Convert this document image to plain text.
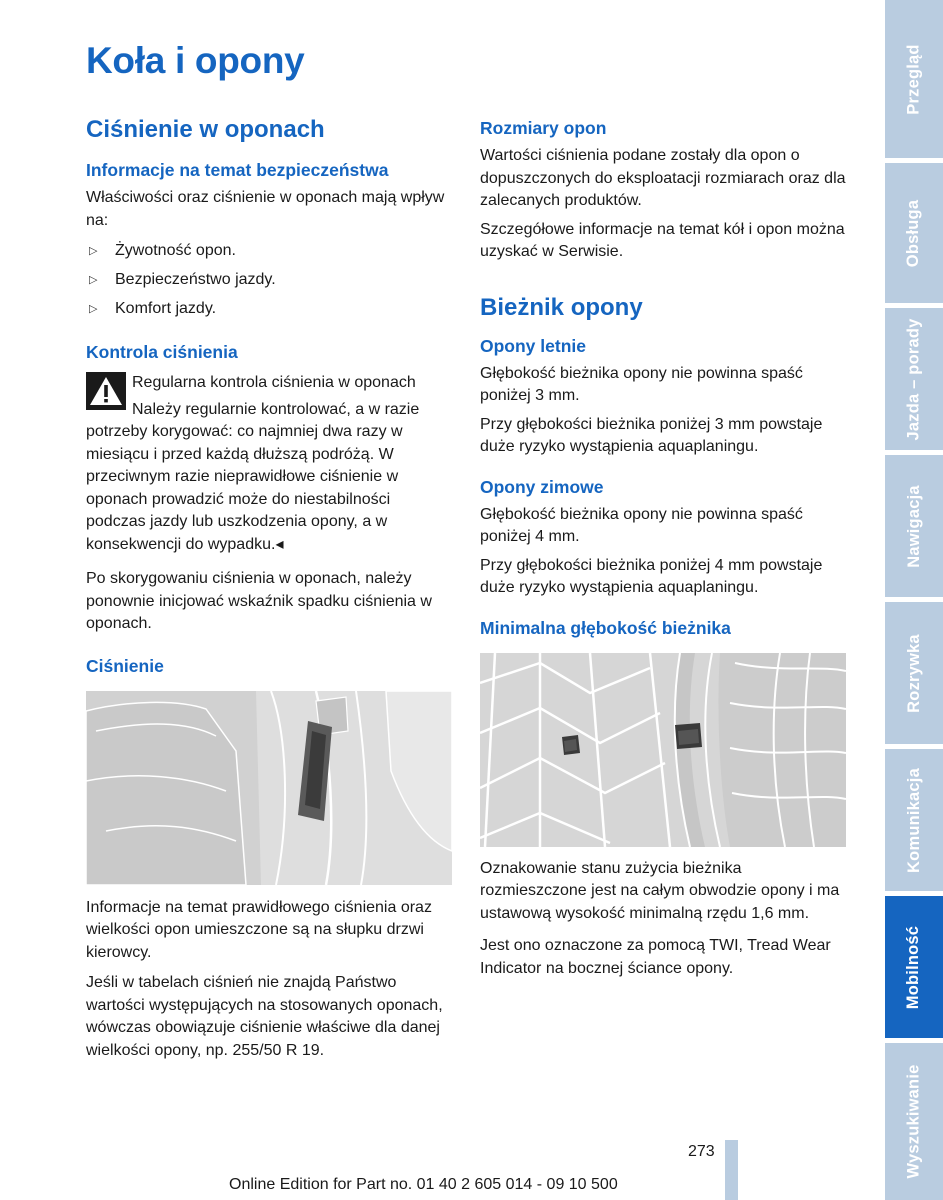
Koła i opony
Ciśnienie w oponach
Informacje na temat bezpieczeństwa

Właściwości oraz ciśnienie w oponach mają wpływ na:

▷ Żywotność opon.
▷ Bezpieczeństwo jazdy.
▷ Komfort jazdy.
Kontrola ciśnienia

Regularna kontrola ciśnienia w oponach

Należy regularnie kontrolować, a w razie potrzeby korygować: co najmniej dwa razy w miesiącu i przed każdą dłuższą podróżą. W przeciwnym razie nieprawidłowe ciśnienie w oponach prowadzić może do niestabilności podczas jazdy lub uszkodzenia opony, a w konsekwencji do wypadku.◂

Po skorygowaniu ciśnienia w oponach, należy ponownie inicjować wskaźnik spadku ciśnienia w oponach.

Ciśnienie

Informacje na temat prawidłowego ciśnienia oraz wielkości opon umieszczone są na słupku drzwi kierowcy.

Jeśli w tabelach ciśnień nie znajdą Państwo wartości występujących na stosowanych oponach, wówczas obowiązuje ciśnienie właściwe dla danej wielkości opony, np. 255/50 R 19.

Rozmiary opon

Wartości ciśnienia podane zostały dla opon o dopuszczonych do eksploatacji rozmiarach oraz dla zalecanych produktów.

Szczegółowe informacje na temat kół i opon można uzyskać w Serwisie.

Bieżnik opony
Opony letnie

Głębokość bieżnika opony nie powinna spaść poniżej 3 mm.

Przy głębokości bieżnika poniżej 3 mm powstaje duże ryzyko wystąpienia aquaplaningu.

Opony zimowe

Głębokość bieżnika opony nie powinna spaść poniżej 4 mm.

Przy głębokości bieżnika poniżej 4 mm powstaje duże ryzyko wystąpienia aquaplaningu.

Minimalna głębokość bieżnika

Oznakowanie stanu zużycia bieżnika rozmieszczone jest na całym obwodzie opony i ma ustawową wysokość minimalną rzędu 1,6 mm.

Jest ono oznaczone za pomocą TWI, Tread Wear Indicator na bocznej ściance opony.

Przegląd
Obsługa
Jazda – porady
Nawigacja
Rozrywka
Komunikacja
Mobilność
Wyszukiwanie
273
Online Edition for Part no. 01 40 2 605 014 - 09 10 500
